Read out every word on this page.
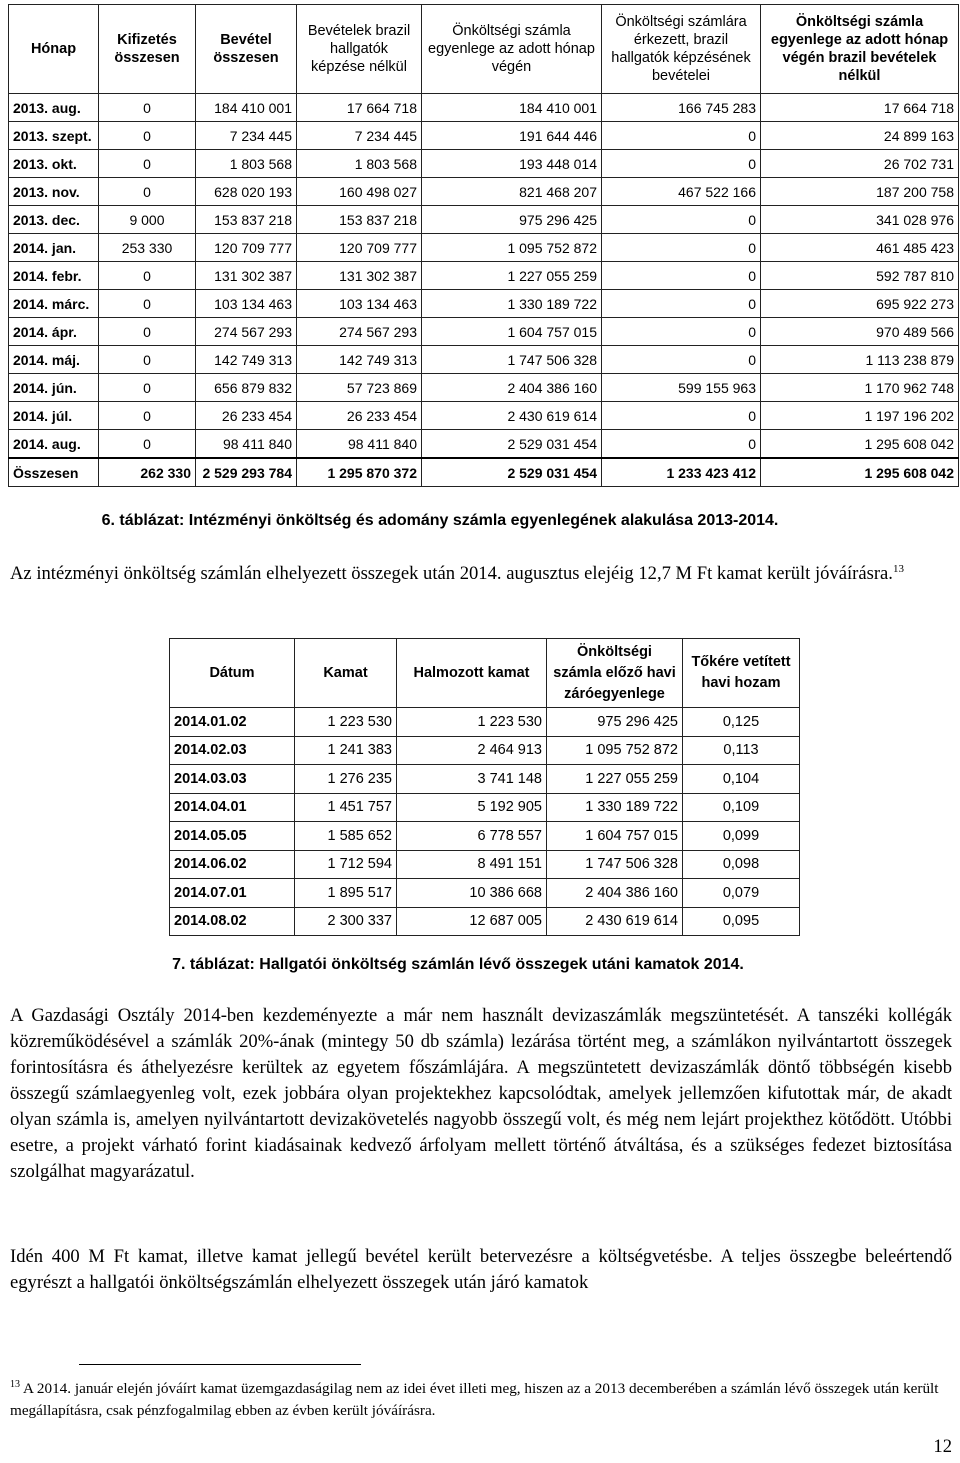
Hónap	Kifizetés összesen	Bevétel összesen	Bevételek brazil hallgatók képzése nélkül	Önköltségi számla egyenlege az adott hónap végén	Önköltségi számlára érkezett, brazil hallgatók képzésének bevételei	Önköltségi számla egyenlege az adott hónap végén brazil bevételek nélkül
2013. aug.	0	184 410 001	17 664 718	184 410 001	166 745 283	17 664 718
2013. szept.	0	7 234 445	7 234 445	191 644 446	0	24 899 163
2013. okt.	0	1 803 568	1 803 568	193 448 014	0	26 702 731
2013. nov.	0	628 020 193	160 498 027	821 468 207	467 522 166	187 200 758
2013. dec.	9 000	153 837 218	153 837 218	975 296 425	0	341 028 976
2014. jan.	253 330	120 709 777	120 709 777	1 095 752 872	0	461 485 423
2014. febr.	0	131 302 387	131 302 387	1 227 055 259	0	592 787 810
2014. márc.	0	103 134 463	103 134 463	1 330 189 722	0	695 922 273
2014. ápr.	0	274 567 293	274 567 293	1 604 757 015	0	970 489 566
2014. máj.	0	142 749 313	142 749 313	1 747 506 328	0	1 113 238 879
2014. jún.	0	656 879 832	57 723 869	2 404 386 160	599 155 963	1 170 962 748
2014. júl.	0	26 233 454	26 233 454	2 430 619 614	0	1 197 196 202
2014. aug.	0	98 411 840	98 411 840	2 529 031 454	0	1 295 608 042
Összesen	262 330	2 529 293 784	1 295 870 372	2 529 031 454	1 233 423 412	1 295 608 042
6. táblázat: Intézményi önköltség és adomány számla egyenlegének alakulása 2013-2014.

Az intézményi önköltség számlán elhelyezett összegek után 2014. augusztus elejéig 12,7 M Ft kamat került jóváírásra.$^{13}$

Dátum	Kamat	Halmozott kamat	Önköltségi számla előző havi záróegyenlege	Tőkére vetített havi hozam
2014.01.02	1 223 530	1 223 530	975 296 425	0,125
2014.02.03	1 241 383	2 464 913	1 095 752 872	0,113
2014.03.03	1 276 235	3 741 148	1 227 055 259	0,104
2014.04.01	1 451 757	5 192 905	1 330 189 722	0,109
2014.05.05	1 585 652	6 778 557	1 604 757 015	0,099
2014.06.02	1 712 594	8 491 151	1 747 506 328	0,098
2014.07.01	1 895 517	10 386 668	2 404 386 160	0,079
2014.08.02	2 300 337	12 687 005	2 430 619 614	0,095
7. táblázat: Hallgatói önköltség számlán lévő összegek utáni kamatok 2014.

A Gazdasági Osztály 2014-ben kezdeményezte a már nem használt devizaszámlák megszüntetését. A tanszéki kollégák közreműködésével a számlák 20%-ának (mintegy 50 db számla) lezárása történt meg, a számlákon nyilvántartott összegek forintosításra és áthelyezésre kerültek az egyetem főszámlájára. A megszüntetett devizaszámlák döntő többségén kisebb összegű számlaegyenleg volt, ezek jobbára olyan projektekhez kapcsolódtak, amelyek jellemzően kifutottak már, de akadt olyan számla is, amelyen nyilvántartott devizakövetelés nagyobb összegű volt, és még nem lejárt projekthez kötődött. Utóbbi esetre, a projekt várható forint kiadásainak kedvező árfolyam mellett történő átváltása, és a szükséges fedezet biztosítása szolgálhat magyarázatul.

Idén 400 M Ft kamat, illetve kamat jellegű bevétel került betervezésre a költségvetésbe. A teljes összegbe beleértendő egyrészt a hallgatói önköltségszámlán elhelyezett összegek után járó kamatok

$^{13}$ A 2014. január elején jóváírt kamat üzemgazdaságilag nem az idei évet illeti meg, hiszen az a 2013 decemberében a számlán lévő összegek után került megállapításra, csak pénzfogalmilag ebben az évben került jóváírásra.

12
